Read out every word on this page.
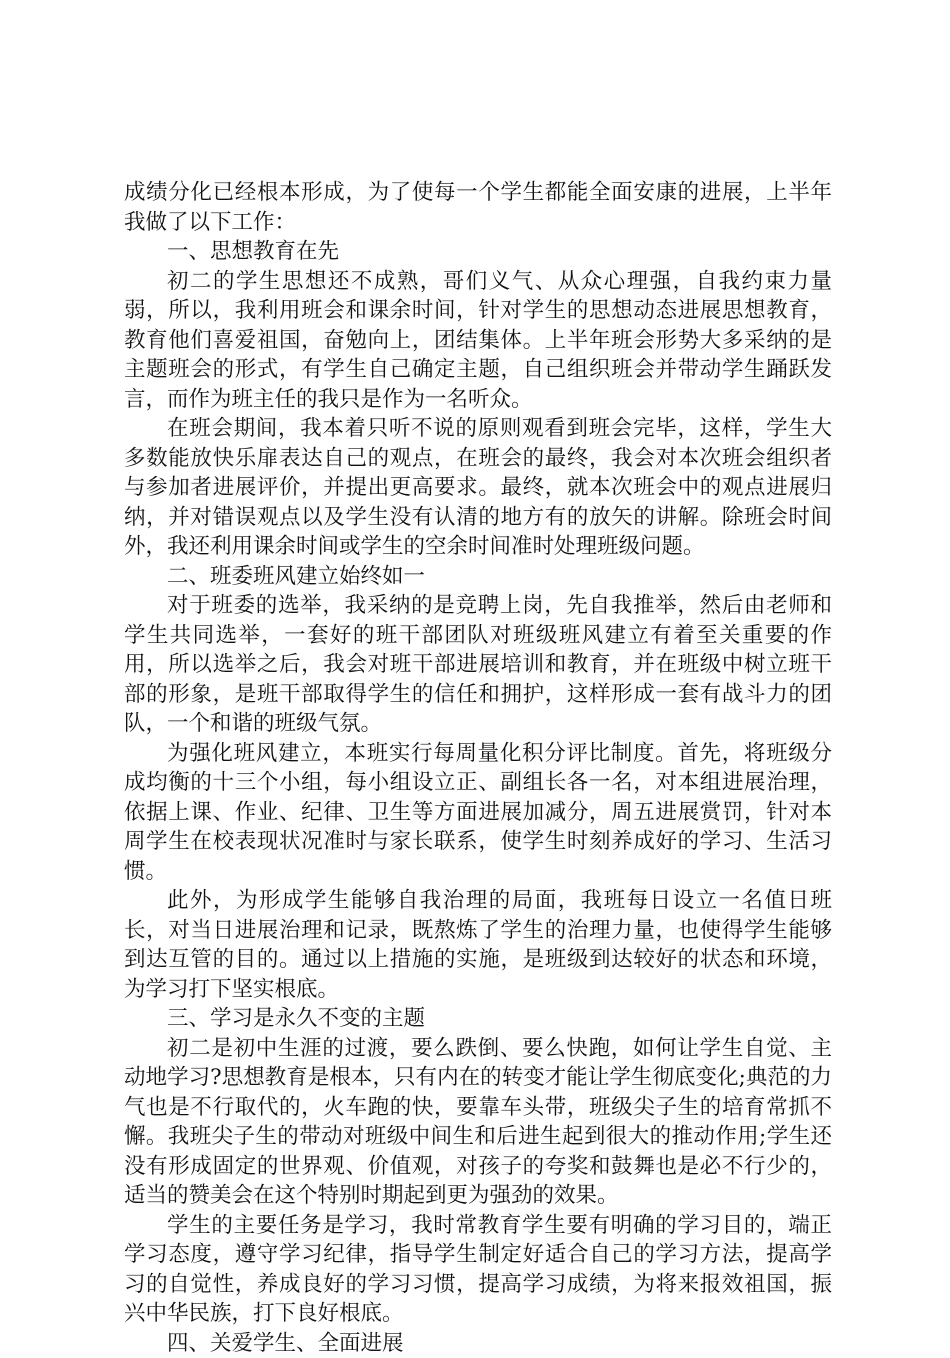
成绩分化已经根本形成，为了使每一个学生都能全面安康的进展，上半年我做了以下工作：

一、思想教育在先

初二的学生思想还不成熟，哥们义气、从众心理强，自我约束力量弱，所以，我利用班会和课余时间，针对学生的思想动态进展思想教育，教育他们喜爱祖国，奋勉向上，团结集体。上半年班会形势大多采纳的是主题班会的形式，有学生自己确定主题，自己组织班会并带动学生踊跃发言，而作为班主任的我只是作为一名听众。

在班会期间，我本着只听不说的原则观看到班会完毕，这样，学生大多数能放快乐扉表达自己的观点，在班会的最终，我会对本次班会组织者与参加者进展评价，并提出更高要求。最终，就本次班会中的观点进展归纳，并对错误观点以及学生没有认清的地方有的放矢的讲解。除班会时间外，我还利用课余时间或学生的空余时间准时处理班级问题。

二、班委班风建立始终如一

对于班委的选举，我采纳的是竞聘上岗，先自我推举，然后由老师和学生共同选举，一套好的班干部团队对班级班风建立有着至关重要的作用，所以选举之后，我会对班干部进展培训和教育，并在班级中树立班干部的形象，是班干部取得学生的信任和拥护，这样形成一套有战斗力的团队，一个和谐的班级气氛。

为强化班风建立，本班实行每周量化积分评比制度。首先，将班级分成均衡的十三个小组，每小组设立正、副组长各一名，对本组进展治理，依据上课、作业、纪律、卫生等方面进展加减分，周五进展赏罚，针对本周学生在校表现状况准时与家长联系，使学生时刻养成好的学习、生活习惯。

此外，为形成学生能够自我治理的局面，我班每日设立一名值日班长，对当日进展治理和记录，既熬炼了学生的治理力量，也使得学生能够到达互管的目的。通过以上措施的实施，是班级到达较好的状态和环境，为学习打下坚实根底。

三、学习是永久不变的主题

初二是初中生涯的过渡，要么跌倒、要么快跑，如何让学生自觉、主动地学习?思想教育是根本，只有内在的转变才能让学生彻底变化;典范的力气也是不行取代的，火车跑的快，要靠车头带，班级尖子生的培育常抓不懈。我班尖子生的带动对班级中间生和后进生起到很大的推动作用;学生还没有形成固定的世界观、价值观，对孩子的夸奖和鼓舞也是必不行少的，适当的赞美会在这个特别时期起到更为强劲的效果。

学生的主要任务是学习，我时常教育学生要有明确的学习目的，端正学习态度，遵守学习纪律，指导学生制定好适合自己的学习方法，提高学习的自觉性，养成良好的学习习惯，提高学习成绩，为将来报效祖国，振兴中华民族，打下良好根底。

四、关爱学生、全面进展
